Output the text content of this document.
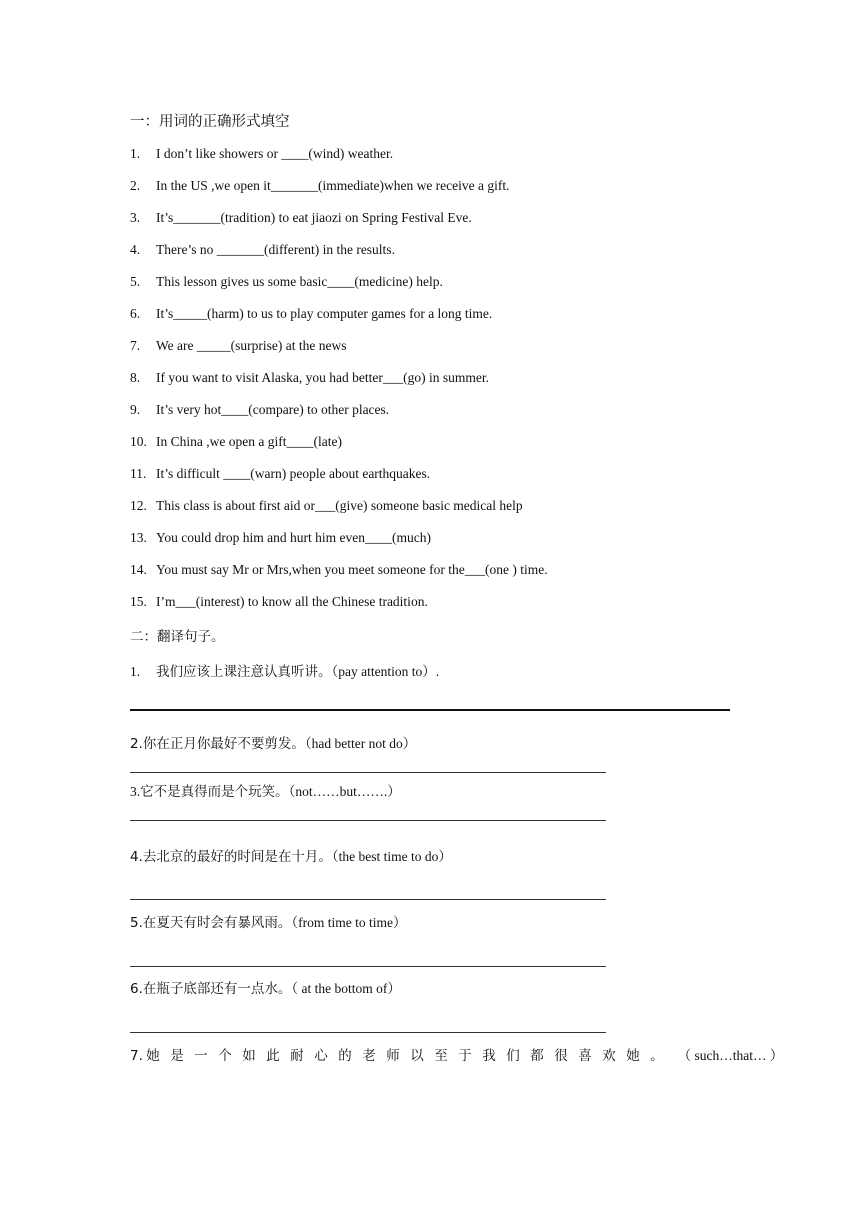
一：用词的正确形式填空
1. I don’t like showers or ____(wind) weather.
2. In the US ,we open it_______(immediate)when we receive a gift.
3. It’s_______(tradition) to eat jiaozi on Spring Festival Eve.
4. There’s no _______(different) in the results.
5. This lesson gives us some basic____(medicine) help.
6. It’s_____(harm) to us to play computer games for a long time.
7. We are _____(surprise) at the news
8. If you want to visit Alaska, you had better___(go) in summer.
9. It’s very hot____(compare) to other places.
10. In China ,we open a gift____(late)
11. It’s difficult ____(warn) people about earthquakes.
12. This class is about first aid or___(give) someone basic medical help
13. You could drop him and hurt him even____(much)
14. You must say Mr or Mrs,when you meet someone for the___(one ) time.
15. I’m___(interest) to know all the Chinese tradition.
二：翻译句子。
1. 我们应该上课注意认真听讲。（pay attention to）.
2.你在正月你最好不要剪发。（had better not do）
3.它不是真得而是个玩笑。（not……but…….）
4.去北京的最好的时间是在十月。（the best time to do）
5.在夏天有时会有暴风雨。（from time to time）
6.在瓶子底部还有一点水。（ at the bottom of）
7. 她是一个如此耐心的老师以至于我们都很喜欢她。 （ such…that… ）
